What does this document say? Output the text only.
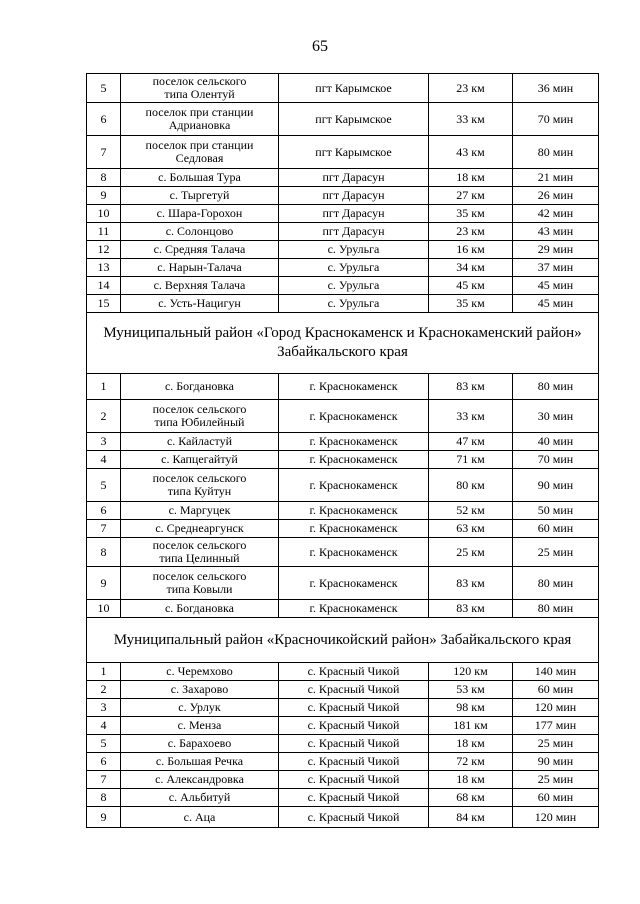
65
5	поселок сельского
типа Олентуй	пгт Карымское	23 км	36 мин
6	поселок при станции
Адриановка	пгт Карымское	33 км	70 мин
7	поселок при станции
Седловая	пгт Карымское	43 км	80 мин
8	с. Большая Тура	пгт Дарасун	18 км	21 мин
9	с. Тыргетуй	пгт Дарасун	27 км	26 мин
10	с. Шара-Горохон	пгт Дарасун	35 км	42 мин
11	с. Солонцово	пгт Дарасун	23 км	43 мин
12	с. Средняя Талача	с. Урульга	16 км	29 мин
13	с. Нарын-Талача	с. Урульга	34 км	37 мин
14	с. Верхняя Талача	с. Урульга	45 км	45 мин
15	с. Усть-Нацигун	с. Урульга	35 км	45 мин
Муниципальный район «Город Краснокаменск и Краснокаменский район» Забайкальского края				
1	с. Богдановка	г. Краснокаменск	83 км	80 мин
2	поселок сельского
типа Юбилейный	г. Краснокаменск	33 км	30 мин
3	с. Кайластуй	г. Краснокаменск	47 км	40 мин
4	с. Капцегайтуй	г. Краснокаменск	71 км	70 мин
5	поселок сельского
типа Куйтун	г. Краснокаменск	80 км	90 мин
6	с. Маргуцек	г. Краснокаменск	52 км	50 мин
7	с. Среднеаргунск	г. Краснокаменск	63 км	60 мин
8	поселок сельского
типа Целинный	г. Краснокаменск	25 км	25 мин
9	поселок сельского
типа Ковыли	г. Краснокаменск	83 км	80 мин
10	с. Богдановка	г. Краснокаменск	83 км	80 мин
Муниципальный район «Красночикойский район» Забайкальского края				
1	с. Черемхово	с. Красный Чикой	120 км	140 мин
2	с. Захарово	с. Красный Чикой	53 км	60 мин
3	с. Урлук	с. Красный Чикой	98 км	120 мин
4	с. Менза	с. Красный Чикой	181 км	177 мин
5	с. Барахоево	с. Красный Чикой	18 км	25 мин
6	с. Большая Речка	с. Красный Чикой	72 км	90 мин
7	с. Александровка	с. Красный Чикой	18 км	25 мин
8	с. Альбитуй	с. Красный Чикой	68 км	60 мин
9	с. Аца	с. Красный Чикой	84 км	120 мин
